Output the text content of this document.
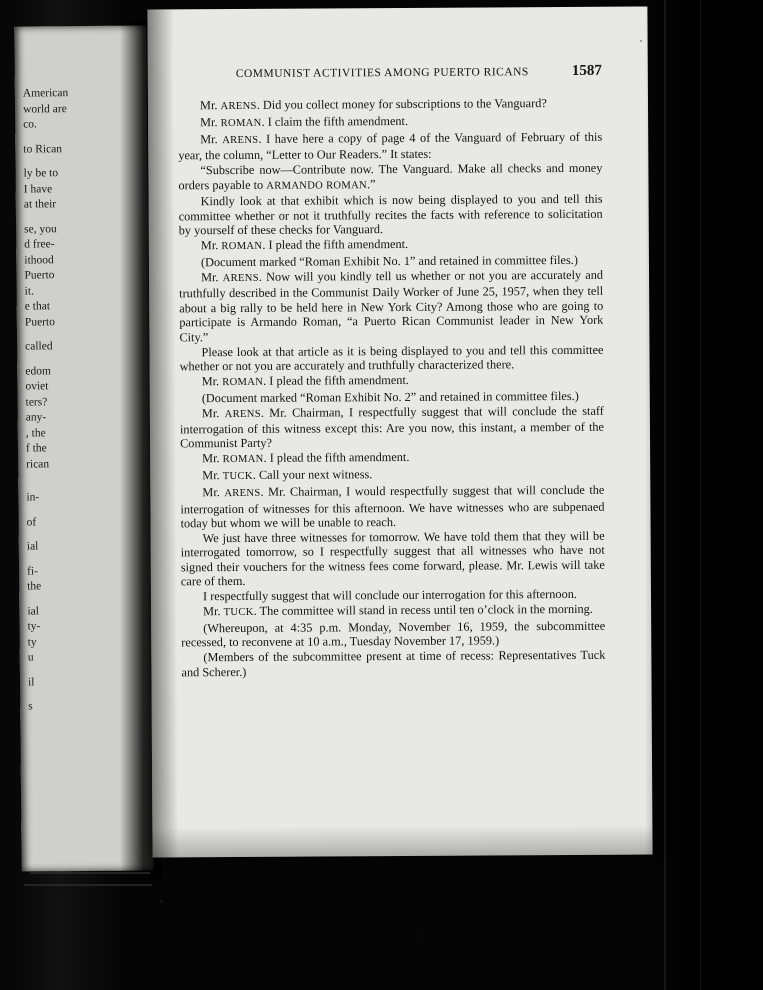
American
world are
co.
to Rican
ly be to
I have
at their
se, you
d free-
ithood
Puerto
it.
e that
Puerto
called
edom
oviet
ters?
any-
, the
f the
rican
in-
of
ial
fi-
the
ial
ty-
ty
u
il
s
COMMUNIST ACTIVITIES AMONG PUERTO RICANS	1587

Mr. ARENS. Did you collect money for subscriptions to the Vanguard?

Mr. ROMAN. I claim the fifth amendment.

Mr. ARENS. I have here a copy of page 4 of the Vanguard of February of this year, the column, “Letter to Our Readers.” It states:

“Subscribe now—Contribute now. The Vanguard. Make all checks and money orders payable to ARMANDO ROMAN.”

Kindly look at that exhibit which is now being displayed to you and tell this committee whether or not it truthfully recites the facts with reference to solicitation by yourself of these checks for Vanguard.

Mr. ROMAN. I plead the fifth amendment.

(Document marked “Roman Exhibit No. 1” and retained in committee files.)

Mr. ARENS. Now will you kindly tell us whether or not you are accurately and truthfully described in the Communist Daily Worker of June 25, 1957, when they tell about a big rally to be held here in New York City? Among those who are going to participate is Armando Roman, “a Puerto Rican Communist leader in New York City.”

Please look at that article as it is being displayed to you and tell this committee whether or not you are accurately and truthfully characterized there.

Mr. ROMAN. I plead the fifth amendment.

(Document marked “Roman Exhibit No. 2” and retained in committee files.)

Mr. ARENS. Mr. Chairman, I respectfully suggest that will conclude the staff interrogation of this witness except this: Are you now, this instant, a member of the Communist Party?

Mr. ROMAN. I plead the fifth amendment.

Mr. TUCK. Call your next witness.

Mr. ARENS. Mr. Chairman, I would respectfully suggest that will conclude the interrogation of witnesses for this afternoon. We have witnesses who are subpenaed today but whom we will be unable to reach.

We just have three witnesses for tomorrow. We have told them that they will be interrogated tomorrow, so I respectfully suggest that all witnesses who have not signed their vouchers for the witness fees come forward, please. Mr. Lewis will take care of them.

I respectfully suggest that will conclude our interrogation for this afternoon.

Mr. TUCK. The committee will stand in recess until ten o’clock in the morning.

(Whereupon, at 4:35 p.m. Monday, November 16, 1959, the subcommittee recessed, to reconvene at 10 a.m., Tuesday November 17, 1959.)

(Members of the subcommittee present at time of recess: Representatives Tuck and Scherer.)
